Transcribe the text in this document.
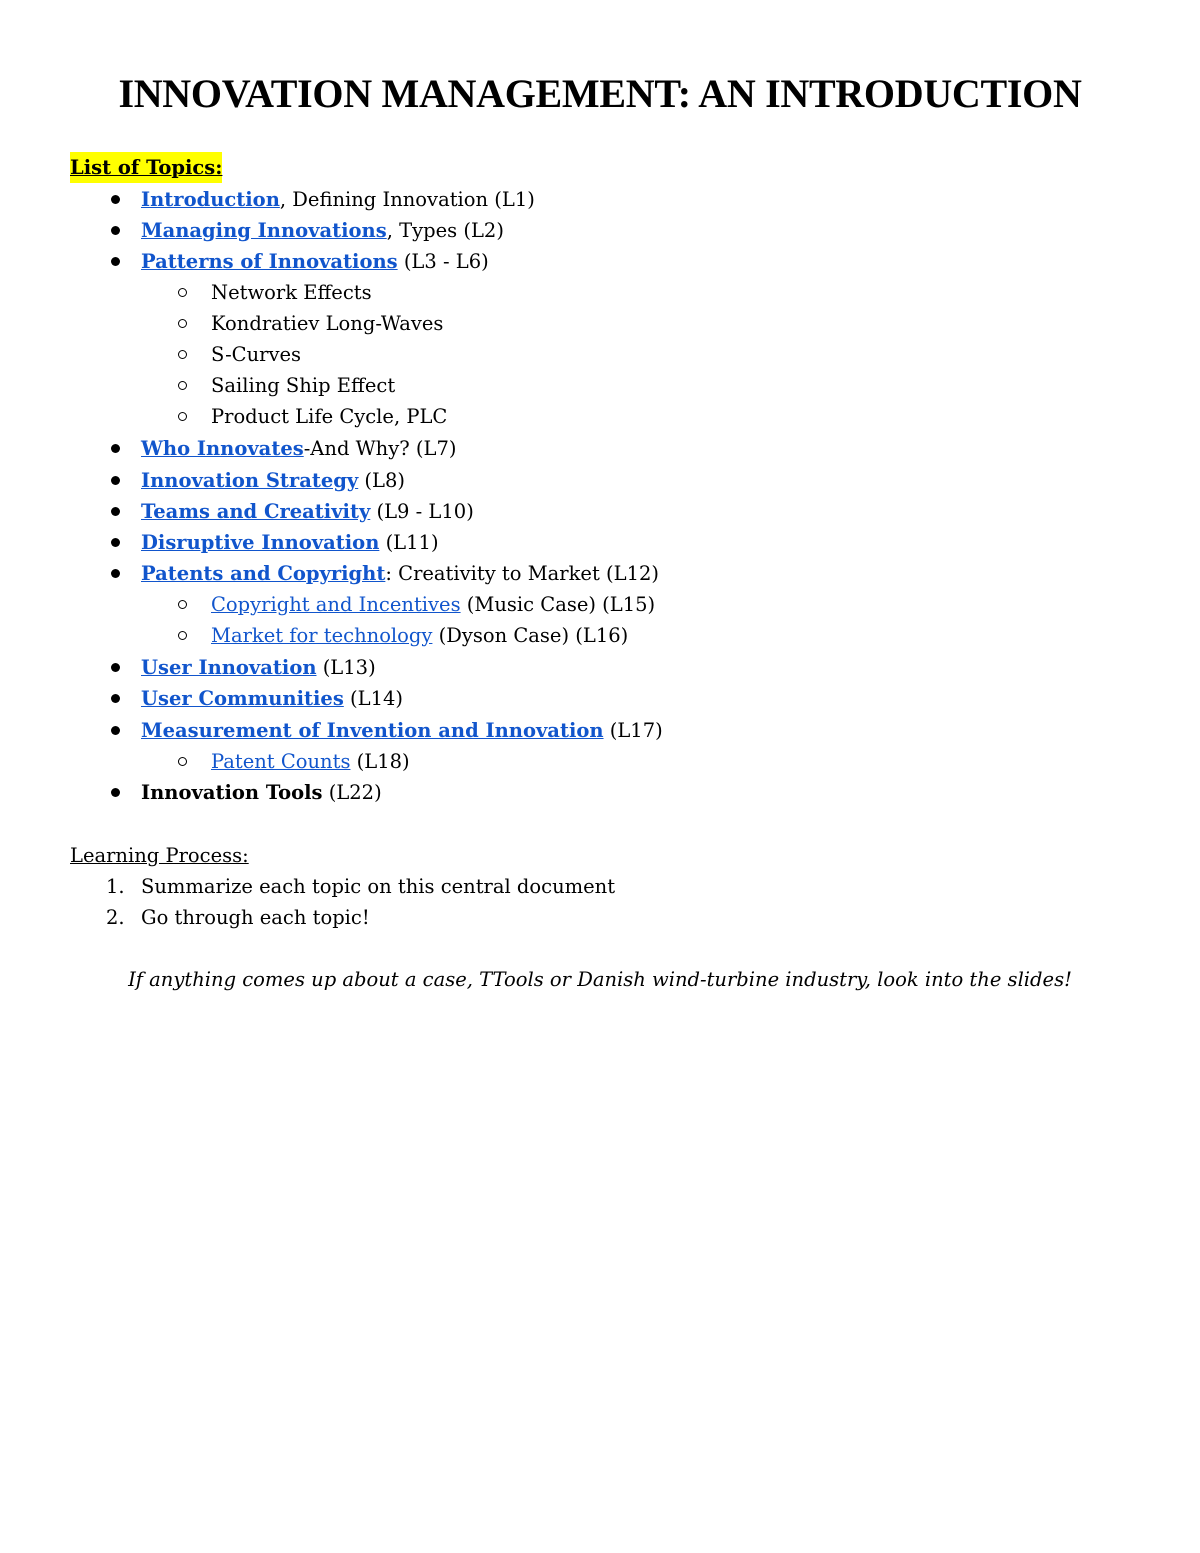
INNOVATION MANAGEMENT: AN INTRODUCTION
List of Topics:
Introduction, Defining Innovation (L1)
Managing Innovations, Types (L2)
Patterns of Innovations (L3 - L6)
Network Effects
Kondratiev Long-Waves
S-Curves
Sailing Ship Effect
Product Life Cycle, PLC
Who Innovates-And Why? (L7)
Innovation Strategy (L8)
Teams and Creativity (L9 - L10)
Disruptive Innovation (L11)
Patents and Copyright: Creativity to Market (L12)
Copyright and Incentives (Music Case) (L15)
Market for technology (Dyson Case) (L16)
User Innovation (L13)
User Communities (L14)
Measurement of Invention and Innovation (L17)
Patent Counts (L18)
Innovation Tools (L22)
Learning Process:
1. Summarize each topic on this central document
2. Go through each topic!
If anything comes up about a case, TTools or Danish wind-turbine industry, look into the slides!
